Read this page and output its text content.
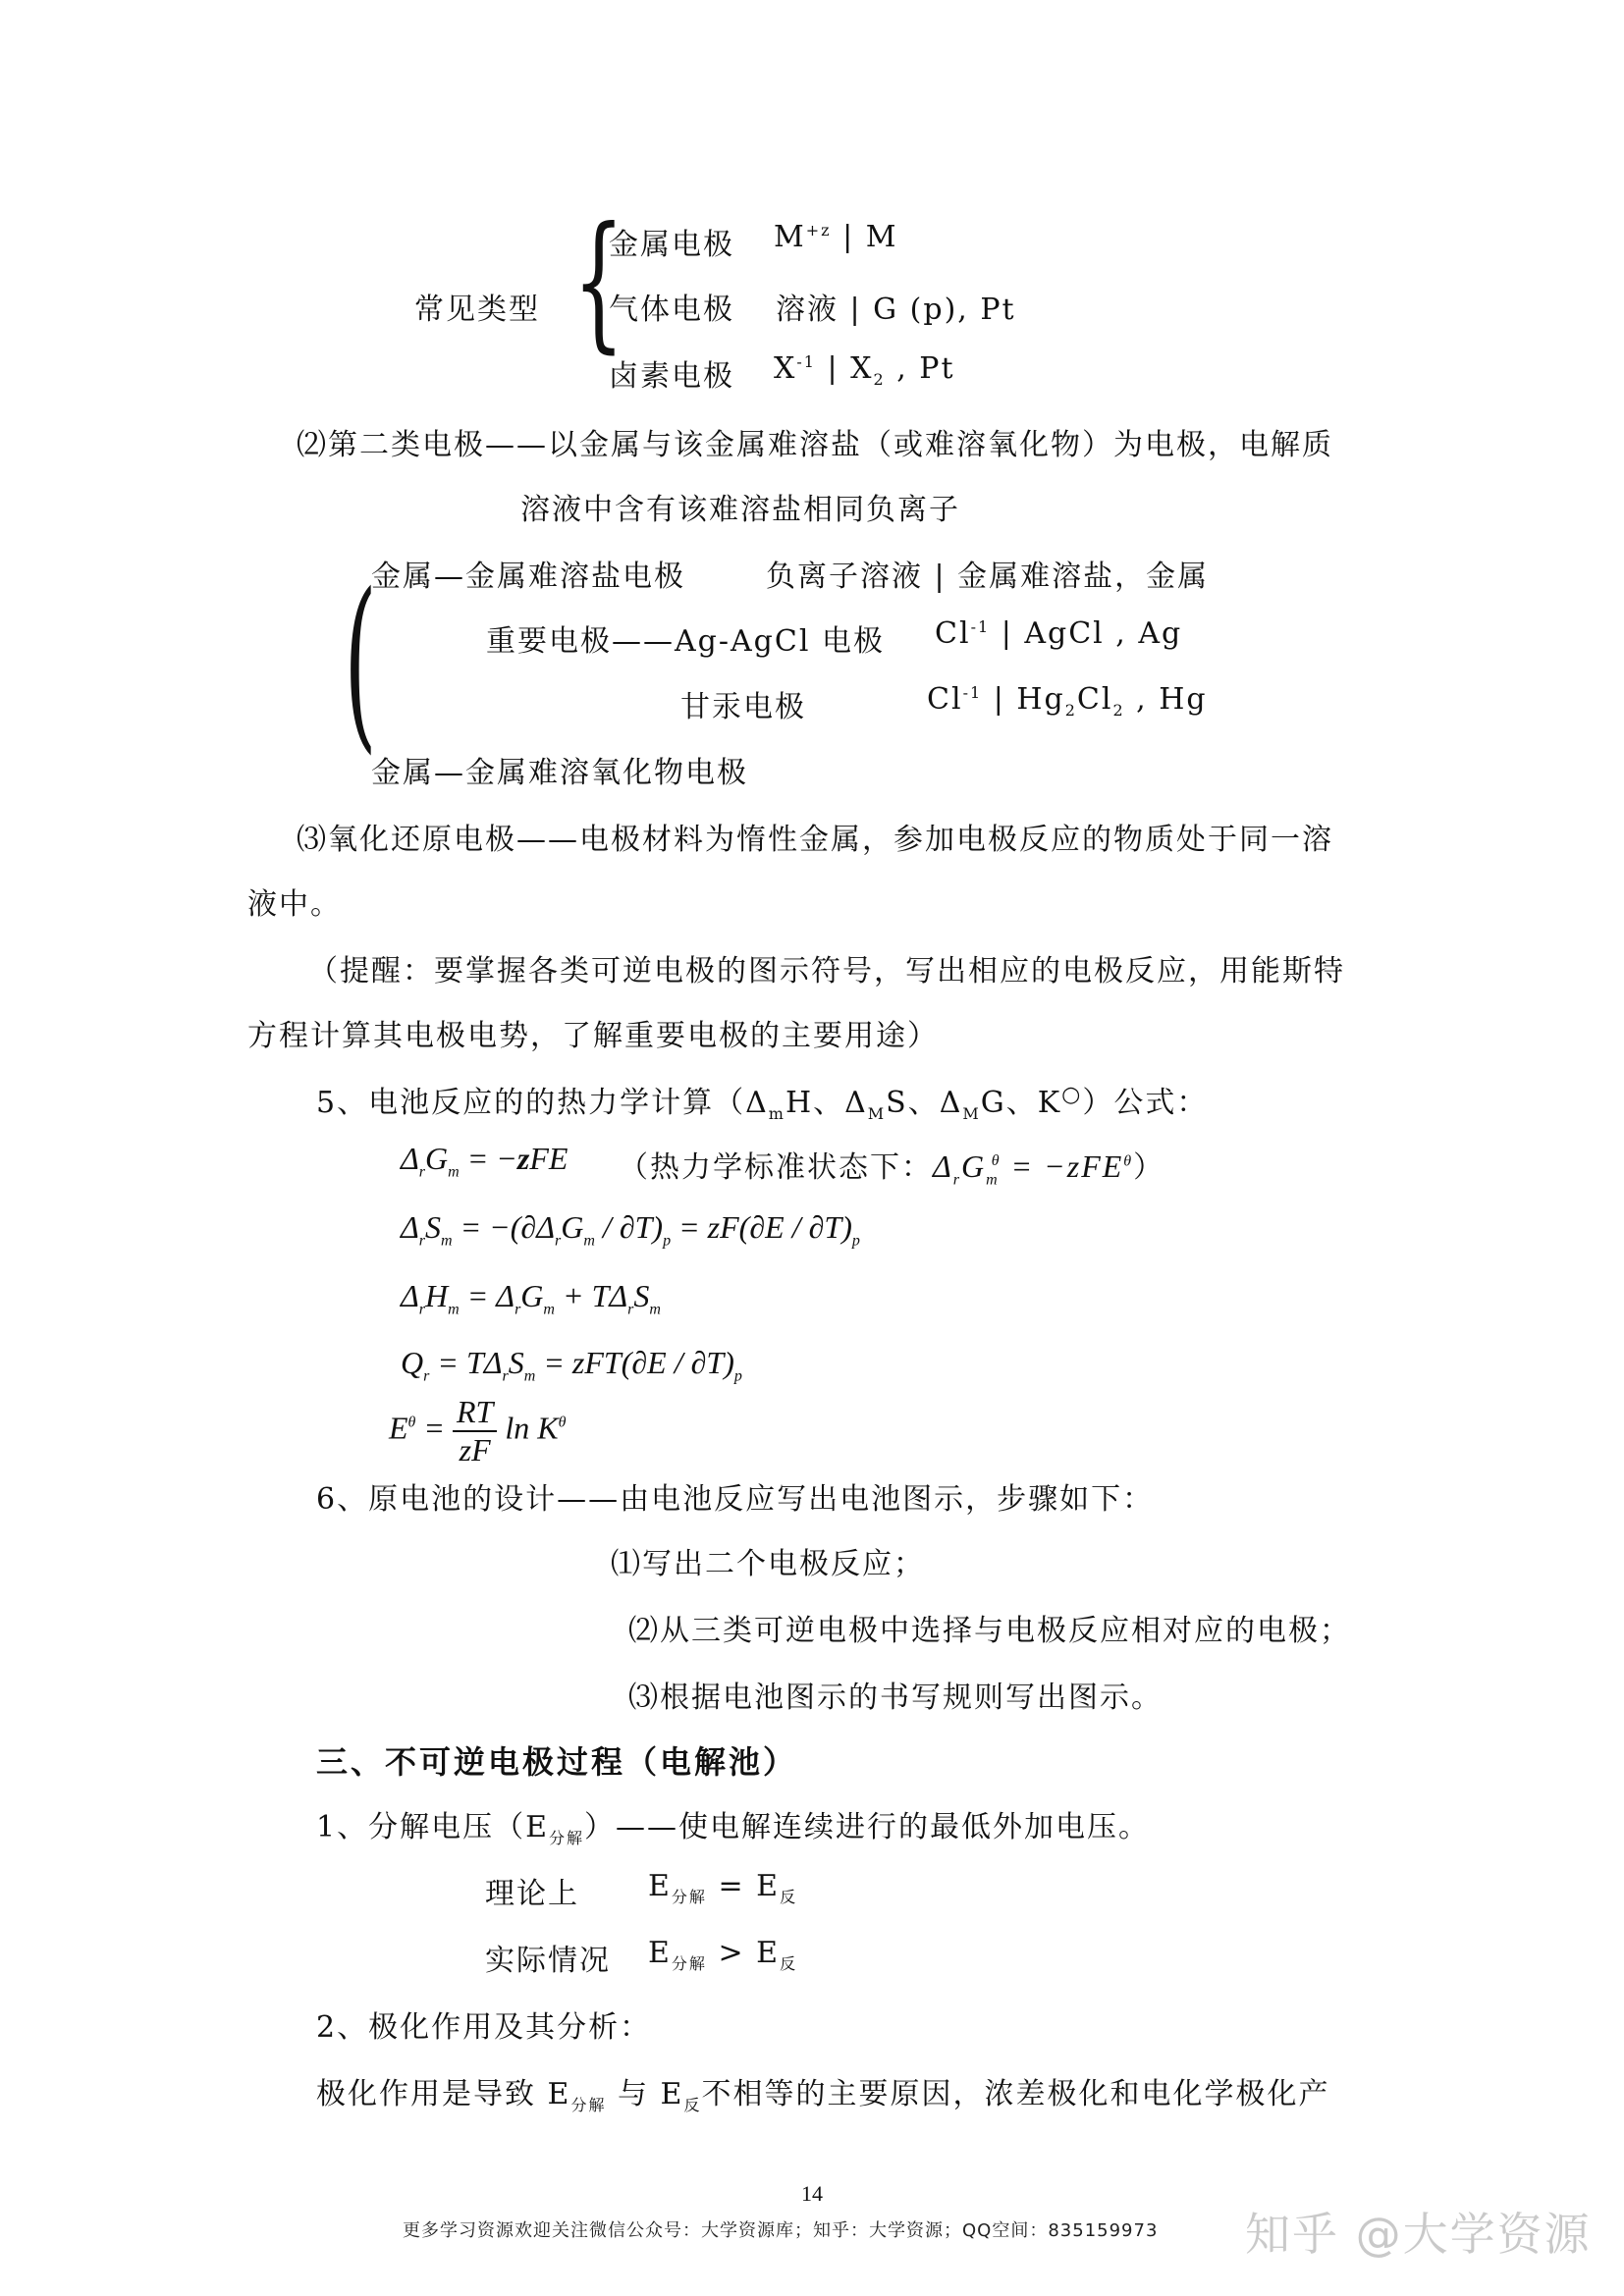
常见类型 {
金属电极 $M^{+z}$ | M
气体电极 溶液 | G (p), Pt
卤素电极 $X^{-1}$ | $X_2$ , Pt
⑵第二类电极——以金属与该金属难溶盐（或难溶氧化物）为电极，电解质
溶液中含有该难溶盐相同负离子
(
金属—金属难溶盐电极	负离子溶液 | 金属难溶盐，金属
重要电极——Ag-AgCl 电极 $Cl^{-1}$ | AgCl , Ag
甘汞电极	$Cl^{-1}$ | $Hg_2Cl_2$ , Hg
金属—金属难溶氧化物电极
⑶氧化还原电极——电极材料为惰性金属，参加电极反应的物质处于同一溶
液中。
（提醒：要掌握各类可逆电极的图示符号，写出相应的电极反应，用能斯特
方程计算其电极电势，了解重要电极的主要用途）
5、电池反应的的热力学计算（$\Delta_mH$、$\Delta_MS$、$\Delta_MG$、K○）公式：
$\Delta_rG_m = -zFE$ （热力学标准状态下：$\Delta_rG_m^\theta = -zFE^\theta$）
$\Delta_rS_m = -(\partial\Delta_rG_m / \partial T)_p = zF(\partial E / \partial T)_p$
$\Delta_rH_m = \Delta_rG_m + T\Delta_rS_m$
$Q_r = T\Delta_rS_m = zFT(\partial E / \partial T)_p$
$E^\theta = \frac{RT}{zF}$ $\ln K^\theta$
6、原电池的设计——由电池反应写出电池图示，步骤如下：
⑴写出二个电极反应；
⑵从三类可逆电极中选择与电极反应相对应的电极；
⑶根据电池图示的书写规则写出图示。
三、不可逆电极过程（电解池）
1、分解电压$(E_{分解})——$使电解连续进行的最低外加电压。
理论上 $E_{分解} = E_反$
实际情况 $E_{分解} > E_反$
2、极化作用及其分析：
极化作用是导致 $E_{分解}$ 与 $E_反$不相等的主要原因，浓差极化和电化学极化产
14
更多学习资源欢迎关注微信公众号：大学资源库；知乎：大学资源；QQ空间：835159973 知乎 @大学资源
